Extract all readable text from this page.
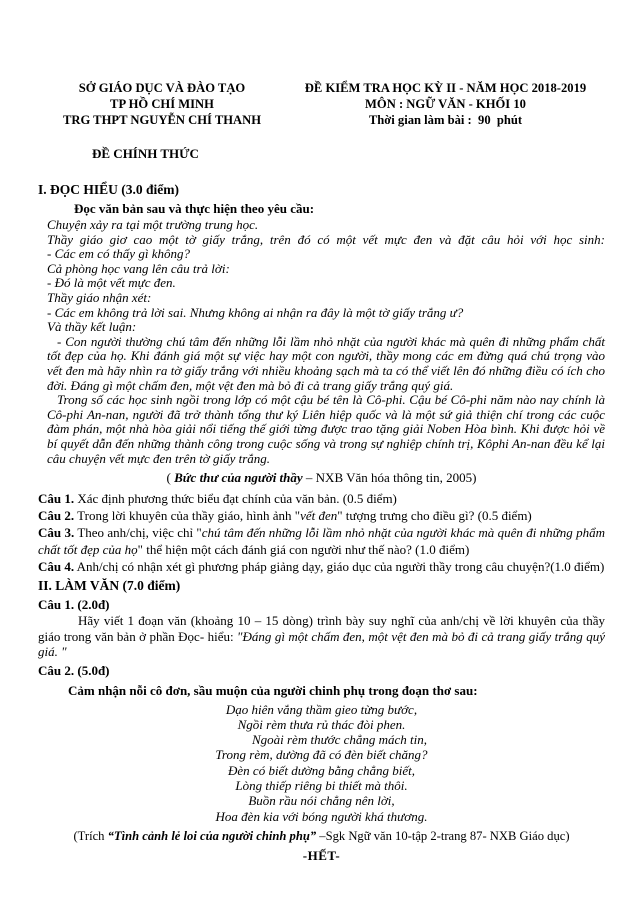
SỞ GIÁO DỤC VÀ ĐÀO TẠO
TP HỒ CHÍ MINH
TRG THPT NGUYỄN CHÍ THANH
ĐỀ KIỂM TRA HỌC KỲ II - NĂM HỌC 2018-2019
MÔN : NGỮ VĂN - KHỐI 10
Thời gian làm bài :  90  phút
ĐỀ CHÍNH THỨC
I. ĐỌC HIỂU (3.0 điểm)
Đọc văn bản sau và thực hiện theo yêu cầu:
Chuyện xảy ra tại một trường trung học.
Thầy giáo giơ cao một tờ giấy trắng, trên đó có một vết mực đen và đặt câu hỏi với học sinh:
- Các em có thấy gì không?
Cả phòng học vang lên câu trả lời:
- Đó là một vết mực đen.
Thầy giáo nhận xét:
- Các em không trả lời sai. Nhưng không ai nhận ra đây là một tờ giấy trắng ư?
Và thầy kết luận:
- Con người thường chú tâm đến những lỗi lầm nhỏ nhặt của người khác mà quên đi những phẩm chất tốt đẹp của họ. Khi đánh giá một sự việc hay một con người, thầy mong các em đừng quá chú trọng vào vết đen mà hãy nhìn ra tờ giấy trắng với nhiều khoảng sạch mà ta có thể viết lên đó những điều có ích cho đời. Đáng gì một chấm đen, một vệt đen mà bỏ đi cả trang giấy trắng quý giá.
Trong số các học sinh ngồi trong lớp có một cậu bé tên là Cô-phi. Cậu bé Cô-phi năm nào nay chính là Cô-phi An-nan, người đã trở thành tổng thư ký Liên hiệp quốc và là một sứ giả thiện chí trong các cuộc đàm phán, một nhà hòa giải nổi tiếng thế giới từng được trao tặng giải Noben Hòa bình. Khi được hỏi về bí quyết dẫn đến những thành công trong cuộc sống và trong sự nghiệp chính trị, Kôphi An-nan đều kể lại câu chuyện vết mực đen trên tờ giấy trắng.
( Bức thư của người thầy – NXB Văn hóa thông tin, 2005)
Câu 1. Xác định phương thức biểu đạt chính của văn bản. (0.5 điểm)
Câu 2. Trong lời khuyên của thầy giáo, hình ảnh "vết đen" tượng trưng cho điều gì? (0.5 điểm)
Câu 3. Theo anh/chị, việc chỉ "chú tâm đến những lỗi lầm nhỏ nhặt của người khác mà quên đi những phẩm chất tốt đẹp của họ" thể hiện một cách đánh giá con người như thế nào? (1.0 điểm)
Câu 4. Anh/chị có nhận xét gì phương pháp giảng dạy, giáo dục của người thầy trong câu chuyện?(1.0 điểm)
II. LÀM VĂN (7.0 điểm)
Câu 1. (2.0đ)
Hãy viết 1 đoạn văn (khoảng 10 – 15 dòng) trình bày suy nghĩ của anh/chị về lời khuyên của thầy giáo trong văn bản ở phần Đọc- hiểu: "Đáng gì một chấm đen, một vệt đen mà bỏ đi cả trang giấy trắng quý giá. "
Câu 2. (5.0đ)
Cảm nhận nỗi cô đơn, sầu muộn của người chinh phụ trong đoạn thơ sau:
Dạo hiên vắng thầm gieo từng bước,
Ngồi rèm thưa rủ thác đòi phen.
Ngoài rèm thước chẳng mách tin,
Trong rèm, dường đã có đèn biết chăng?
Đèn có biết dường bằng chẳng biết,
Lòng thiếp riêng bi thiết mà thôi.
Buồn rầu nói chẳng nên lời,
Hoa đèn kia với bóng người khá thương.
(Trích “Tình cảnh lẻ loi của người chinh phụ” –Sgk Ngữ văn 10-tập 2-trang 87- NXB Giáo dục)
-HẾT-
